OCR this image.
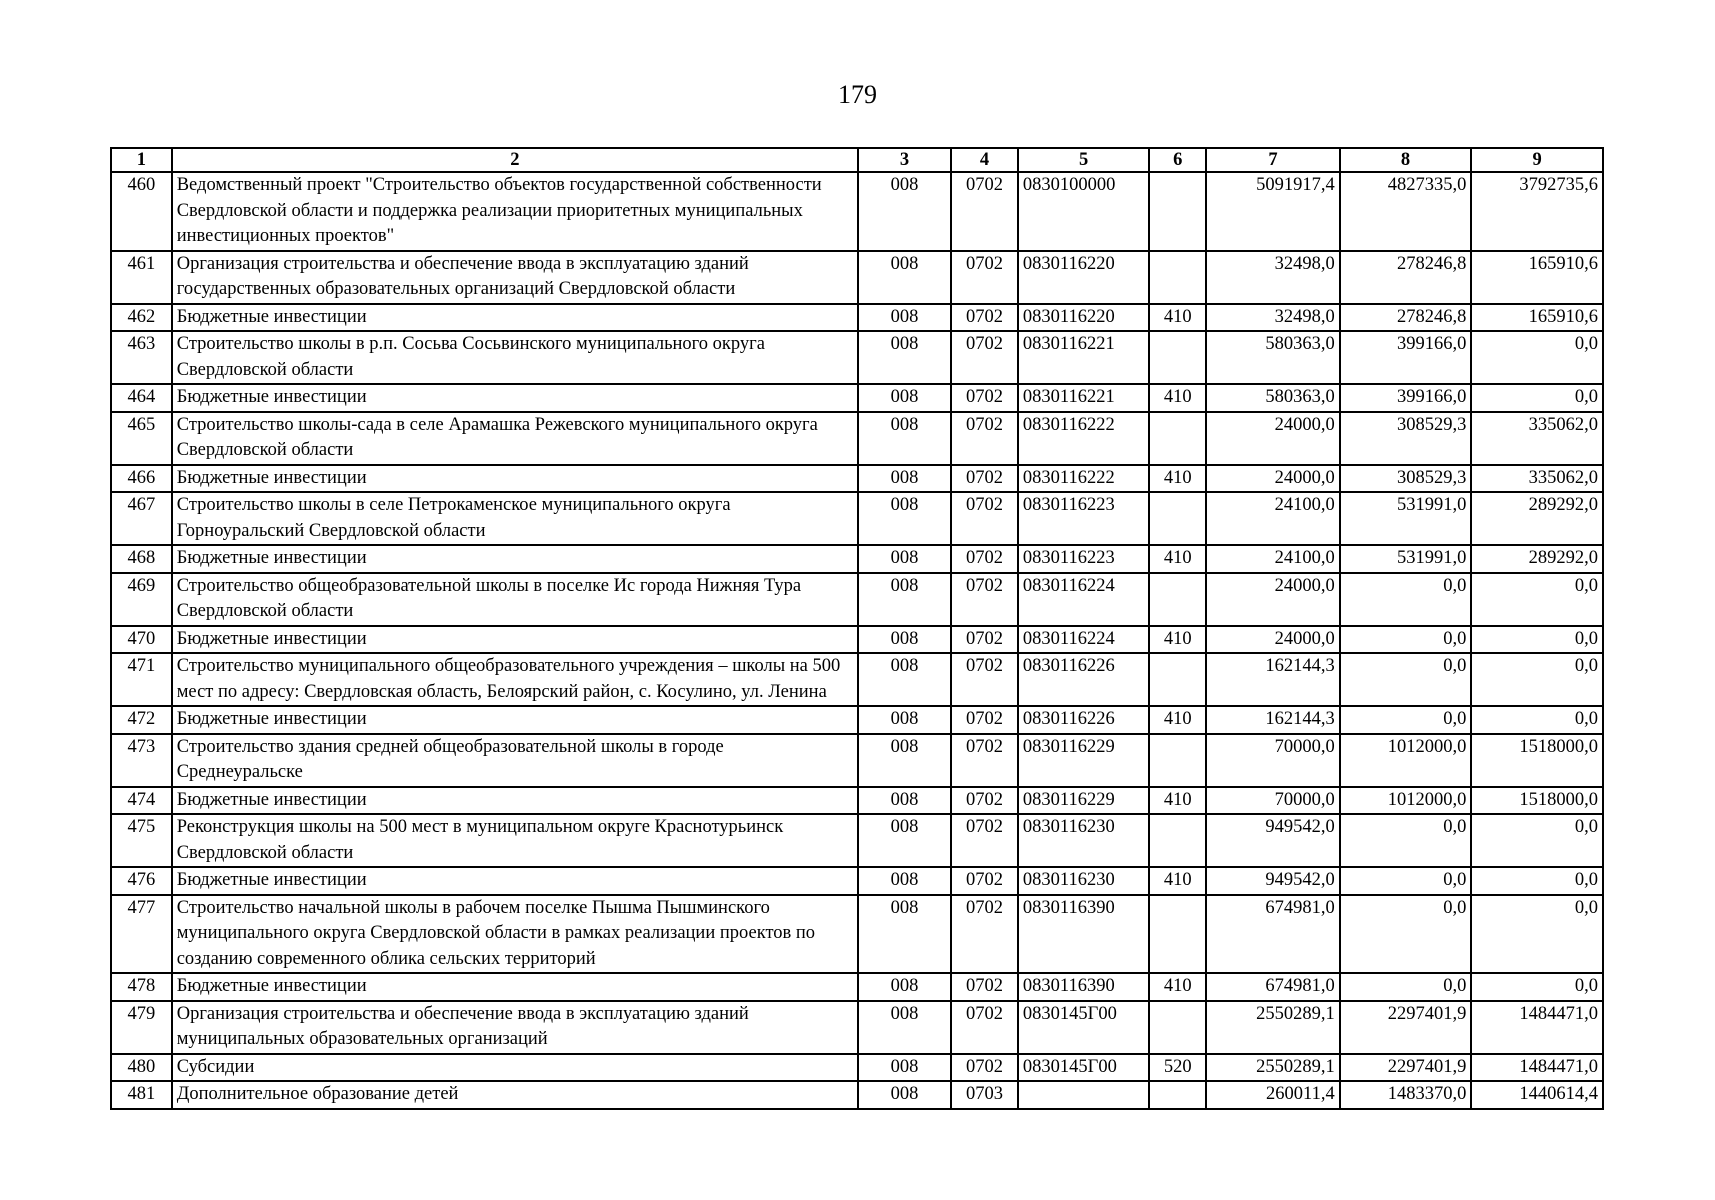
179
1	2	3	4	5	6	7	8	9
460	Ведомственный проект "Строительство объектов государственной собственности Свердловской области и поддержка реализации приоритетных муниципальных инвестиционных проектов"	008	0702	0830100000		5091917,4	4827335,0	3792735,6
461	Организация строительства и обеспечение ввода в эксплуатацию зданий государственных образовательных организаций Свердловской области	008	0702	0830116220		32498,0	278246,8	165910,6
462	Бюджетные инвестиции	008	0702	0830116220	410	32498,0	278246,8	165910,6
463	Строительство школы в р.п. Сосьва Сосьвинского муниципального округа Свердловской области	008	0702	0830116221		580363,0	399166,0	0,0
464	Бюджетные инвестиции	008	0702	0830116221	410	580363,0	399166,0	0,0
465	Строительство школы-сада в селе Арамашка Режевского муниципального округа Свердловской области	008	0702	0830116222		24000,0	308529,3	335062,0
466	Бюджетные инвестиции	008	0702	0830116222	410	24000,0	308529,3	335062,0
467	Строительство школы в селе Петрокаменское муниципального округа Горноуральский Свердловской области	008	0702	0830116223		24100,0	531991,0	289292,0
468	Бюджетные инвестиции	008	0702	0830116223	410	24100,0	531991,0	289292,0
469	Строительство общеобразовательной школы в поселке Ис города Нижняя Тура Свердловской области	008	0702	0830116224		24000,0	0,0	0,0
470	Бюджетные инвестиции	008	0702	0830116224	410	24000,0	0,0	0,0
471	Строительство муниципального общеобразовательного учреждения – школы на 500 мест по адресу: Свердловская область, Белоярский район, с. Косулино, ул. Ленина	008	0702	0830116226		162144,3	0,0	0,0
472	Бюджетные инвестиции	008	0702	0830116226	410	162144,3	0,0	0,0
473	Строительство здания средней общеобразовательной школы в городе Среднеуральске	008	0702	0830116229		70000,0	1012000,0	1518000,0
474	Бюджетные инвестиции	008	0702	0830116229	410	70000,0	1012000,0	1518000,0
475	Реконструкция школы на 500 мест в муниципальном округе Краснотурьинск Свердловской области	008	0702	0830116230		949542,0	0,0	0,0
476	Бюджетные инвестиции	008	0702	0830116230	410	949542,0	0,0	0,0
477	Строительство начальной школы в рабочем поселке Пышма Пышминского муниципального округа Свердловской области в рамках реализации проектов по созданию современного облика сельских территорий	008	0702	0830116390		674981,0	0,0	0,0
478	Бюджетные инвестиции	008	0702	0830116390	410	674981,0	0,0	0,0
479	Организация строительства и обеспечение ввода в эксплуатацию зданий муниципальных образовательных организаций	008	0702	0830145Г00		2550289,1	2297401,9	1484471,0
480	Субсидии	008	0702	0830145Г00	520	2550289,1	2297401,9	1484471,0
481	Дополнительное образование детей	008	0703			260011,4	1483370,0	1440614,4
